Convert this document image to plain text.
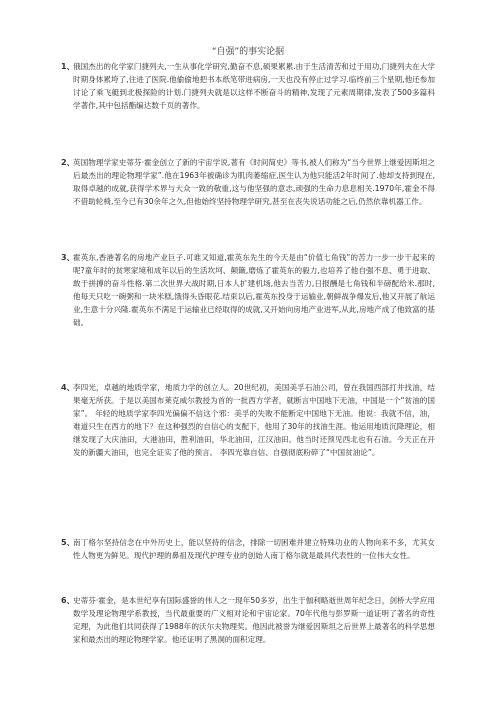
“自强”的事实论据
1、
俄国杰出的化学家门捷列夫,一生从事化学研究,勤奋不息,硕果累累.由于生活清苦和过于用功,门捷列夫在大学时期身体累垮了,住进了医院.他偷偷地把书本纸笔带进病房,一天也没有停止过学习.临终前三个星期,他还参加讨论了乘飞艇到北极探险的计划.门捷列夫就是以这样不断奋斗的精神,发现了元素周期律,发表了500多篇科学著作,其中包括酯编达数千页的著作。
2、
英国物理学家史蒂芬·霍金创立了新的宇宙学说,著有《时间简史》等书,被人们称为“当今世界上继爱因斯坦之后最杰出的理论物理学家”.他在1963年被确诊为肌肉萎缩症,医生认为他只能活2年时间了.他却支持到现在,取得卓越的成就,获得学术界与大众一致的敬重,这与他坚强的意志,顽强的生命力息息相关.1970年,霍金不得不借助轮椅,至今已有30余年之久,但他始终坚持物理学研究,甚至在丧失说话功能之后,仍然依靠机器工作。
3、
霍英东,香港著名的房地产业巨子.可谁又知道,霍英东先生的今天是由“价值七角钱”的苦力一步一步干起来的呢?童年时的贫寒家境和成年以后的生活坎坷、颠簸,磨炼了霍英东的毅力,也培养了他自强不息、勇于进取、敢于拼搏的奋斗性格.第二次世界大战时期,日本人扩建机场,他去当苦力,日报酬是七角钱和半磅配给米.那时,他每天只吃一碗粥和一块米糕,饿得头昏眼花.结束以后,霍英东投身于运输业,朝鲜战争爆发后,他又开展了航运业,生意十分兴隆.霍英东不满足于运输业已经取得的成就,又开始向房地产业进军,从此,房地产成了他致富的基础。
4、
李四光，卓越的地质学家，地质力学的创立人。20世纪初，美国美孚石油公司，曾在我国西部打井找油，结果毫无所获。于是以美国布莱克威尔教授为首的一批西方学者，就断言中国地下无油，中国是一个“贫油的国家”。 年轻的地质学家李四光偏偏不信这个邪：美孚的失败不能断定中国地下无油。他说：我就不信，油，难道只生在西方的地下？在这种强烈的自信心的支配下，他用了30年的找油生涯。他运用地质沉降理论，相继发现了大庆油田，大港油田，胜利油田，华北油田，江汉油田。他当时还预见西北也有石油。今天正在开发的新疆大油田，也完全证实了他的预言。 李四光靠自信、自强彻底粉碎了“中国贫油论”。
5、
南丁格尔坚持信念在中外历史上，能以坚持的信念，排除一切困难并建立特殊功业的人物向来不多，尤其女性人物更为鲜见。现代护理的鼻祖及现代护理专业的创始人南丁格尔就是最具代表性的一位伟大女性。
6、
史蒂芬·霍金，是本世纪享有国际盛誉的伟人之一现年50多岁，出生于伽利略逝世周年纪念日，剑桥大学应用数学及理论物理学系教授，当代最重要的广义相对论和宇宙论家。70年代他与彭罗斯一道证明了著名的奇性定理，为此他们共同获得了1988年的沃尔夫物理奖。他因此被誉为继爱因斯坦之后世界上最著名的科学思想家和最杰出的理论物理学家。他还证明了黑洞的面积定理。
